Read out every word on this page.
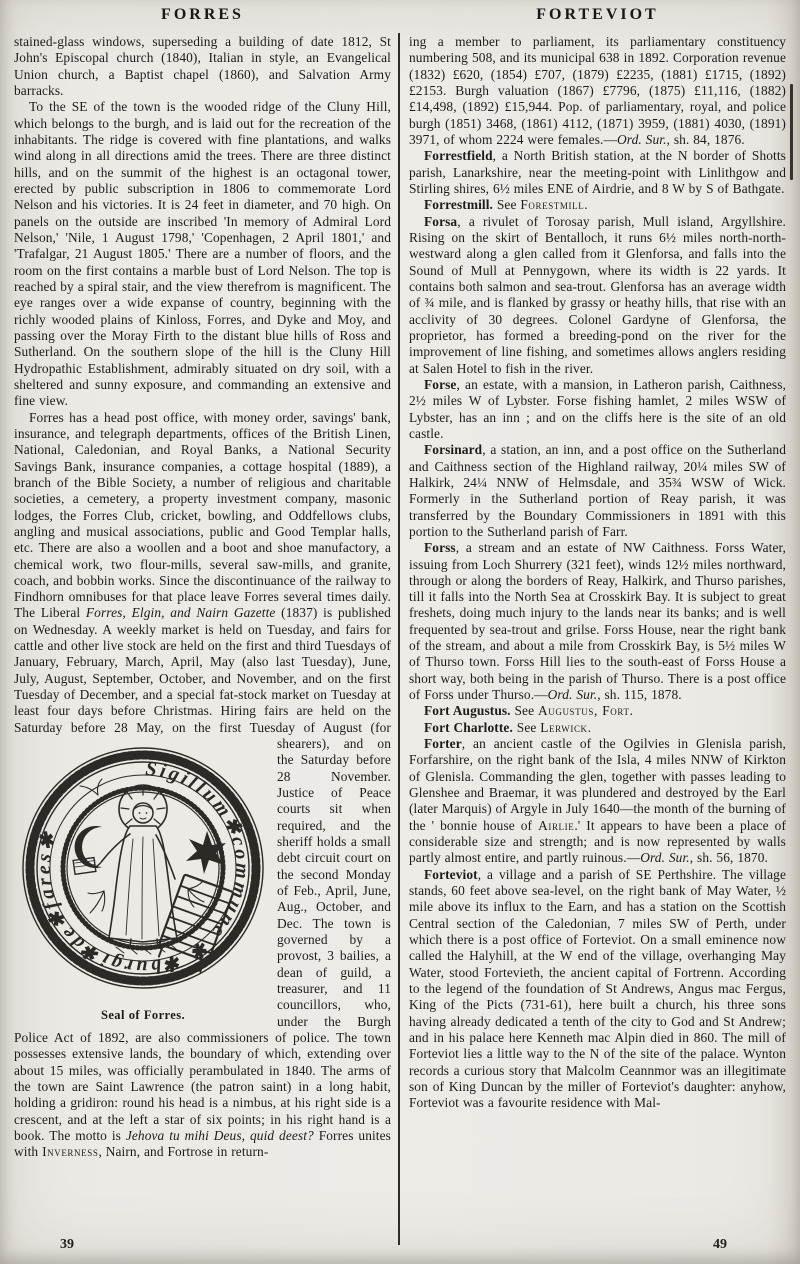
FORRES	FORTEVIOT

stained-glass windows, superseding a building of date 1812, St John's Episcopal church (1840), Italian in style, an Evangelical Union church, a Baptist chapel (1860), and Salvation Army barracks.

To the SE of the town is the wooded ridge of the Cluny Hill, which belongs to the burgh, and is laid out for the recreation of the inhabitants. The ridge is covered with fine plantations, and walks wind along in all directions amid the trees. There are three distinct hills, and on the summit of the highest is an octagonal tower, erected by public subscription in 1806 to commemorate Lord Nelson and his victories. It is 24 feet in diameter, and 70 high. On panels on the outside are inscribed 'In memory of Admiral Lord Nelson,' 'Nile, 1 August 1798,' 'Copenhagen, 2 April 1801,' and 'Trafalgar, 21 August 1805.' There are a number of floors, and the room on the first contains a marble bust of Lord Nelson. The top is reached by a spiral stair, and the view therefrom is magnificent. The eye ranges over a wide expanse of country, beginning with the richly wooded plains of Kinloss, Forres, and Dyke and Moy, and passing over the Moray Firth to the distant blue hills of Ross and Sutherland. On the southern slope of the hill is the Cluny Hill Hydropathic Establishment, admirably situated on dry soil, with a sheltered and sunny exposure, and commanding an extensive and fine view.

Forres has a head post office, with money order, savings' bank, insurance, and telegraph departments, offices of the British Linen, National, Caledonian, and Royal Banks, a National Security Savings Bank, insurance companies, a cottage hospital (1889), a branch of the Bible Society, a number of religious and charitable societies, a cemetery, a property investment company, masonic lodges, the Forres Club, cricket, bowling, and Oddfellows clubs, angling and musical associations, public and Good Templar halls, etc. There are also a woollen and a boot and shoe manufactory, a chemical work, two flour-mills, several saw-mills, and granite, coach, and bobbin works. Since the discontinuance of the railway to Findhorn omnibuses for that place leave Forres several times daily. The Liberal Forres, Elgin, and Nairn Gazette (1837) is published on Wednesday. A weekly market is held on Tuesday, and fairs for cattle and other live stock are held on the first and third Tuesdays of January, February, March, April, May (also last Tuesday), June, July, August, September, October, and November, and on the first Tuesday of December, and a special fat-stock market on Tuesday at least four days before Christmas. Hiring fairs are held on the Saturday before 28 May, on the first Tuesday of August (for
Sigillum✱commune ✱ ✱burgi✱de✱fares✱
Seal of Forres.
shearers), and on the Saturday before 28 November. Justice of Peace courts sit when required, and the sheriff holds a small debt circuit court on the second Monday of Feb., April, June, Aug., October, and Dec. The town is governed by a provost, 3 bailies, a dean of guild, a treasurer, and 11 councillors, who, under the Burgh Police Act of 1892, are also commissioners of police. The town possesses extensive lands, the boundary of which, extending over about 15 miles, was officially perambulated in 1840. The arms of the town are Saint Lawrence (the patron saint) in a long habit, holding a gridiron: round his head is a nimbus, at his right side is a crescent, and at the left a star of six points; in his right hand is a book. The motto is Jehova tu mihi Deus, quid deest? Forres unites with Inverness, Nairn, and Fortrose in return-

ing a member to parliament, its parliamentary constituency numbering 508, and its municipal 638 in 1892. Corporation revenue (1832) £620, (1854) £707, (1879) £2235, (1881) £1715, (1892) £2153. Burgh valuation (1867) £7796, (1875) £11,116, (1882) £14,498, (1892) £15,944. Pop. of parliamentary, royal, and police burgh (1851) 3468, (1861) 4112, (1871) 3959, (1881) 4030, (1891) 3971, of whom 2224 were females.—Ord. Sur., sh. 84, 1876.

Forrestfield, a North British station, at the N border of Shotts parish, Lanarkshire, near the meeting-point with Linlithgow and Stirling shires, 6½ miles ENE of Airdrie, and 8 W by S of Bathgate.

Forrestmill. See Forestmill.

Forsa, a rivulet of Torosay parish, Mull island, Argyllshire. Rising on the skirt of Bentalloch, it runs 6½ miles north-north-westward along a glen called from it Glenforsa, and falls into the Sound of Mull at Pennygown, where its width is 22 yards. It contains both salmon and sea-trout. Glenforsa has an average width of ¾ mile, and is flanked by grassy or heathy hills, that rise with an acclivity of 30 degrees. Colonel Gardyne of Glenforsa, the proprietor, has formed a breeding-pond on the river for the improvement of line fishing, and sometimes allows anglers residing at Salen Hotel to fish in the river.

Forse, an estate, with a mansion, in Latheron parish, Caithness, 2½ miles W of Lybster. Forse fishing hamlet, 2 miles WSW of Lybster, has an inn ; and on the cliffs here is the site of an old castle.

Forsinard, a station, an inn, and a post office on the Sutherland and Caithness section of the Highland railway, 20¼ miles SW of Halkirk, 24¼ NNW of Helmsdale, and 35¾ WSW of Wick. Formerly in the Sutherland portion of Reay parish, it was transferred by the Boundary Commissioners in 1891 with this portion to the Sutherland parish of Farr.

Forss, a stream and an estate of NW Caithness. Forss Water, issuing from Loch Shurrery (321 feet), winds 12½ miles northward, through or along the borders of Reay, Halkirk, and Thurso parishes, till it falls into the North Sea at Crosskirk Bay. It is subject to great freshets, doing much injury to the lands near its banks; and is well frequented by sea-trout and grilse. Forss House, near the right bank of the stream, and about a mile from Crosskirk Bay, is 5½ miles W of Thurso town. Forss Hill lies to the south-east of Forss House a short way, both being in the parish of Thurso. There is a post office of Forss under Thurso.—Ord. Sur., sh. 115, 1878.

Fort Augustus. See Augustus, Fort.

Fort Charlotte. See Lerwick.

Forter, an ancient castle of the Ogilvies in Glenisla parish, Forfarshire, on the right bank of the Isla, 4 miles NNW of Kirkton of Glenisla. Commanding the glen, together with passes leading to Glenshee and Braemar, it was plundered and destroyed by the Earl (later Marquis) of Argyle in July 1640—the month of the burning of the ' bonnie house of Airlie.' It appears to have been a place of considerable size and strength; and is now represented by walls partly almost entire, and partly ruinous.—Ord. Sur., sh. 56, 1870.

Forteviot, a village and a parish of SE Perthshire. The village stands, 60 feet above sea-level, on the right bank of May Water, ½ mile above its influx to the Earn, and has a station on the Scottish Central section of the Caledonian, 7 miles SW of Perth, under which there is a post office of Forteviot. On a small eminence now called the Halyhill, at the W end of the village, overhanging May Water, stood Fortevieth, the ancient capital of Fortrenn. According to the legend of the foundation of St Andrews, Angus mac Fergus, King of the Picts (731-61), here built a church, his three sons having already dedicated a tenth of the city to God and St Andrew; and in his palace here Kenneth mac Alpin died in 860. The mill of Forteviot lies a little way to the N of the site of the palace. Wynton records a curious story that Malcolm Ceannmor was an illegitimate son of King Duncan by the miller of Forteviot's daughter: anyhow, Forteviot was a favourite residence with Mal-

39	49
